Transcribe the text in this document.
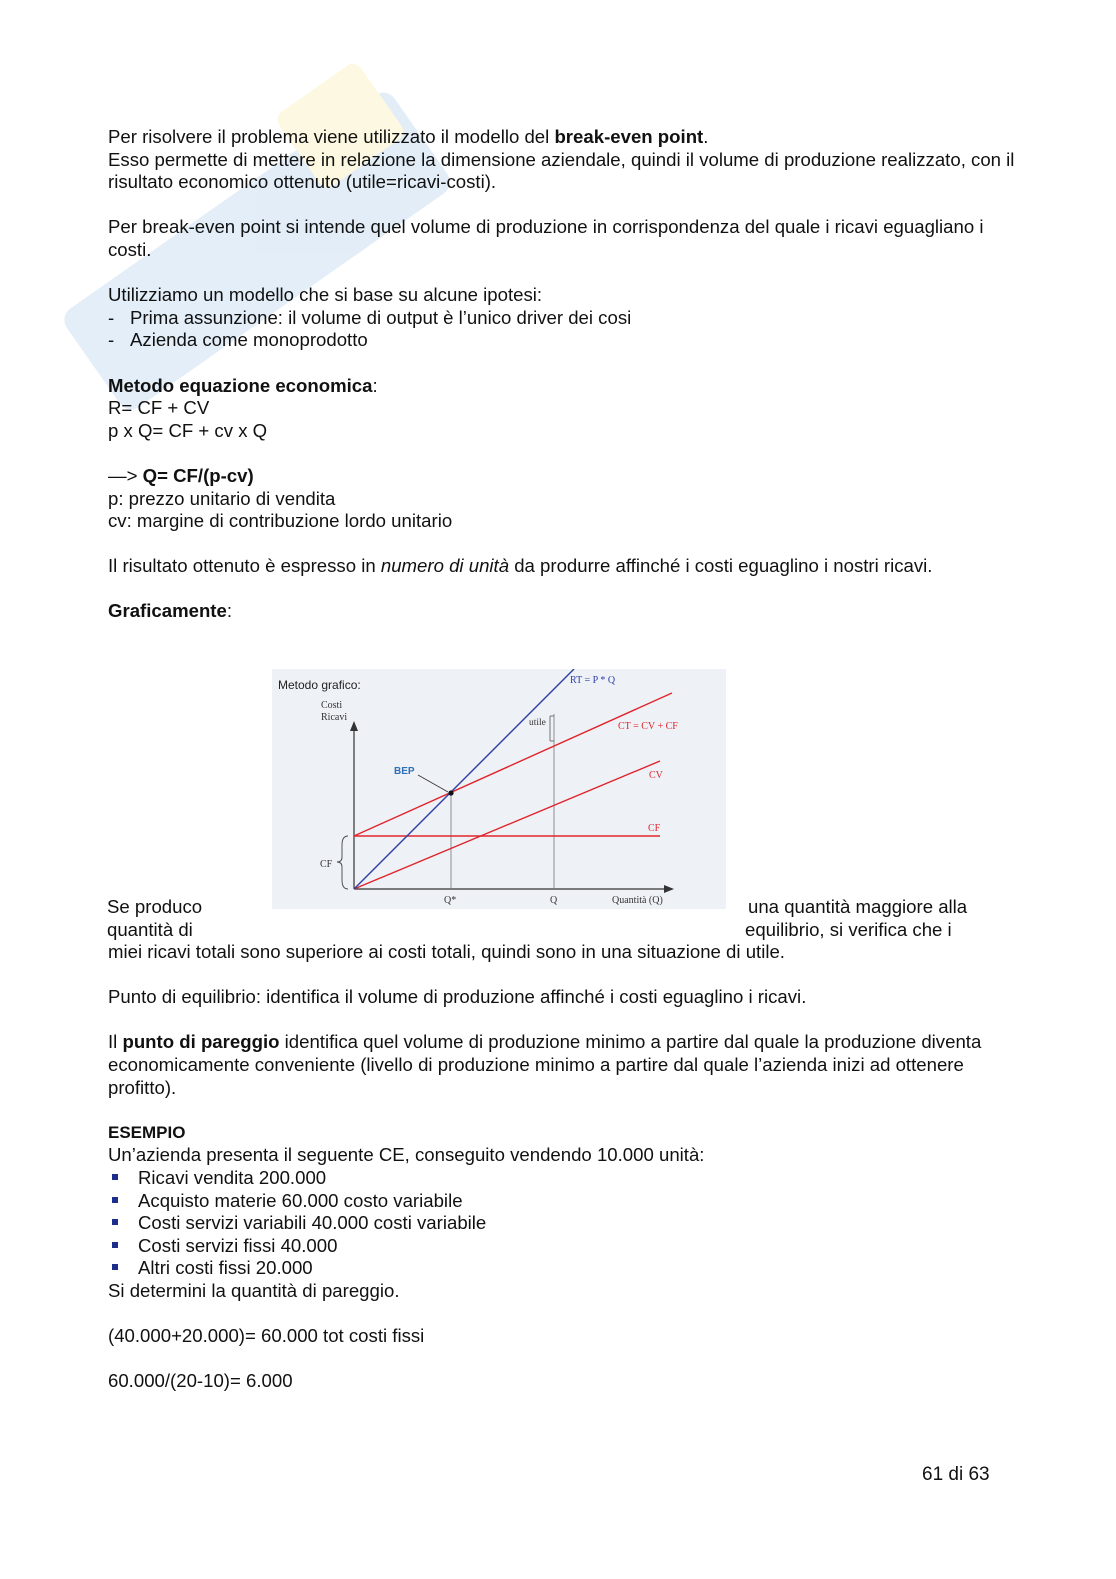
Per risolvere il problema viene utilizzato il modello del break-even point.

Esso permette di mettere in relazione la dimensione aziendale, quindi il volume di produzione realizzato, con il risultato economico ottenuto (utile=ricavi-costi).

Per break-even point si intende quel volume di produzione in corrispondenza del quale i ricavi eguagliano i costi.

Utilizziamo un modello che si base su alcune ipotesi:

- Prima assunzione: il volume di output è l’unico driver dei cosi
- Azienda come monoprodotto

Metodo equazione economica:

R= CF + CV

p x Q= CF + cv x Q

—> Q= CF/(p-cv)

p: prezzo unitario di vendita

cv: margine di contribuzione lordo unitario

Il risultato ottenuto è espresso in numero di unità da produrre affinché i costi eguaglino i nostri ricavi.

Graficamente:

Metodo grafico:
Costi
Ricavi
RT = P * Q
CT = CV + CF
CV
CF
BEP
utile
CF
Q*	Q	Quantità (Q)
Se produco
quantità di
una quantità maggiore alla
equilibrio, si verifica che i

miei ricavi totali sono superiore ai costi totali, quindi sono in una situazione di utile.

Punto di equilibrio: identifica il volume di produzione affinché i costi eguaglino i ricavi.

Il punto di pareggio identifica quel volume di produzione minimo a partire dal quale la produzione diventa economicamente conveniente (livello di produzione minimo a partire dal quale l’azienda inizi ad ottenere profitto).

ESEMPIO

Un’azienda presenta il seguente CE, conseguito vendendo 10.000 unità:

Ricavi vendita 200.000
Acquisto materie 60.000 costo variabile
Costi servizi variabili 40.000 costi variabile
Costi servizi fissi 40.000
Altri costi fissi 20.000

Si determini la quantità di pareggio.

(40.000+20.000)= 60.000 tot costi fissi

60.000/(20-10)= 6.000

61 di 63
